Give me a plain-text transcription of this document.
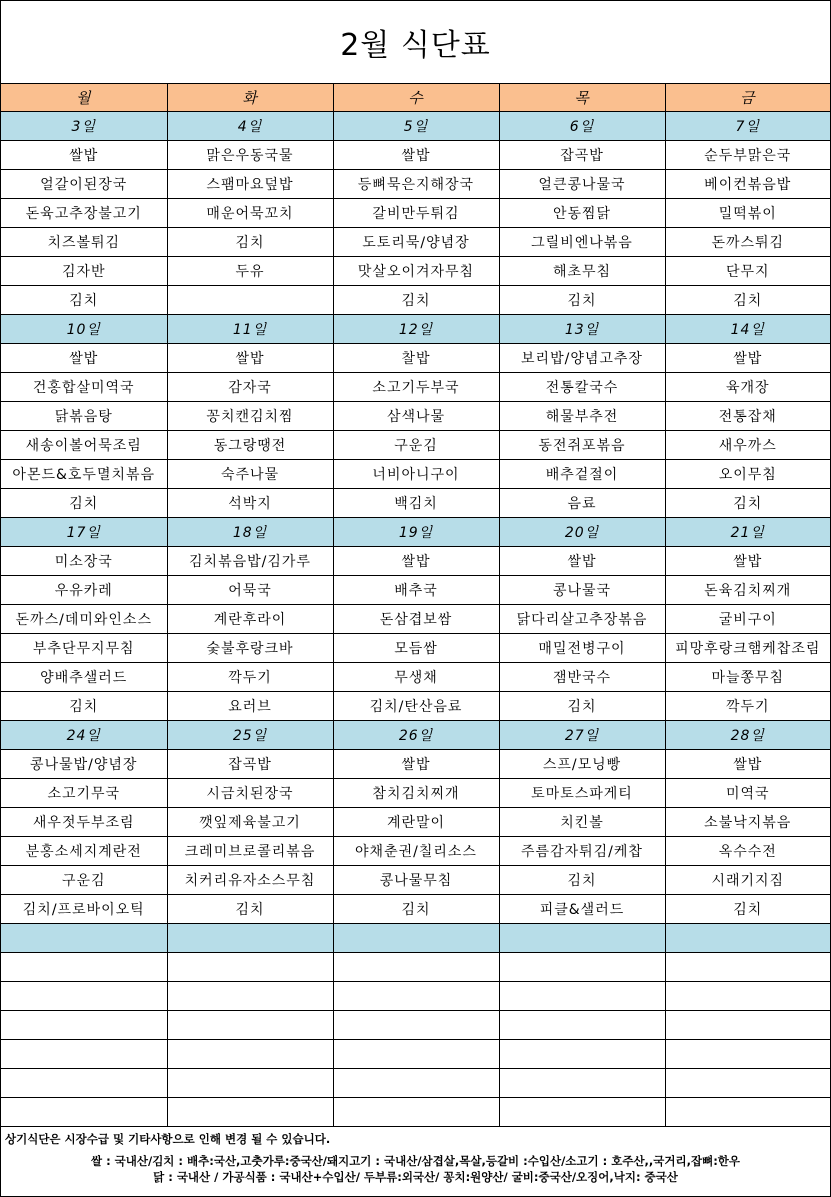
2월 식단표
월	화	수	목	금
3일	4일	5일	6일	7일
쌀밥	맑은우동국물	쌀밥	잡곡밥	순두부맑은국
얼갈이된장국	스팸마요덮밥	등뼈묵은지해장국	얼큰콩나물국	베이컨볶음밥
돈육고추장불고기	매운어묵꼬치	갈비만두튀김	안동찜닭	밀떡볶이
치즈볼튀김	김치	도토리묵/양념장	그릴비엔나볶음	돈까스튀김
김자반	두유	맛살오이겨자무침	해초무침	단무지
김치		김치	김치	김치
10일	11일	12일	13일	14일
쌀밥	쌀밥	찰밥	보리밥/양념고추장	쌀밥
건홍합살미역국	감자국	소고기두부국	전통칼국수	육개장
닭볶음탕	꽁치캔김치찜	삼색나물	해물부추전	전통잡채
새송이볼어묵조림	동그랑땡전	구운김	동전쥐포볶음	새우까스
아몬드&호두멸치볶음	숙주나물	너비아니구이	배추겉절이	오이무침
김치	석박지	백김치	음료	김치
17일	18일	19일	20일	21일
미소장국	김치볶음밥/김가루	쌀밥	쌀밥	쌀밥
우유카레	어묵국	배추국	콩나물국	돈육김치찌개
돈까스/데미와인소스	계란후라이	돈삼겹보쌈	닭다리살고추장볶음	굴비구이
부추단무지무침	숯불후랑크바	모듬쌈	매밀전병구이	피망후랑크햄케찹조림
양배추샐러드	깍두기	무생채	잼반국수	마늘쫑무침
김치	요러브	김치/탄산음료	김치	깍두기
24일	25일	26일	27일	28일
콩나물밥/양념장	잡곡밥	쌀밥	스프/모닝빵	쌀밥
소고기무국	시금치된장국	참치김치찌개	토마토스파게티	미역국
새우젓두부조림	깻잎제육불고기	계란말이	치킨볼	소불낙지볶음
분홍소세지계란전	크레미브로콜리볶음	야채춘권/칠리소스	주름감자튀김/케찹	옥수수전
구운김	치커리유자소스무침	콩나물무침	김치	시래기지짐
김치/프로바이오틱	김치	김치	피클&샐러드	김치

상기식단은 시장수급 및 기타사항으로 인해 변경 될 수 있습니다.
쌀 : 국내산/김치 : 배추:국산,고춧가루:중국산/돼지고기 : 국내산/삼겹살,목살,등갈비 :수입산/소고기 : 호주산,,국거리,잡뼈:한우
닭 : 국내산 / 가공식품 : 국내산+수입산/ 두부류:외국산/ 꽁치:원양산/ 굴비:중국산/오징어,낙지: 중국산
